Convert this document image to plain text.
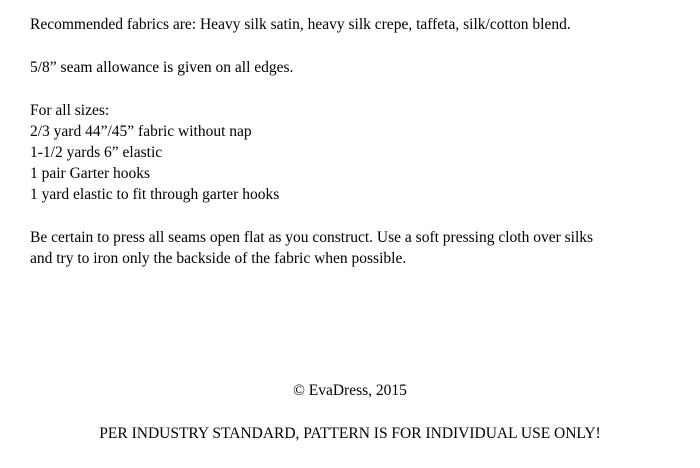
Recommended fabrics are: Heavy silk satin, heavy silk crepe, taffeta, silk/cotton blend.

5/8” seam allowance is given on all edges.

For all sizes:
2/3 yard 44”/45” fabric without nap
1-1/2 yards 6” elastic
1 pair Garter hooks
1 yard elastic to fit through garter hooks

Be certain to press all seams open flat as you construct. Use a soft pressing cloth over silks
and try to iron only the backside of the fabric when possible.

© EvaDress, 2015
PER INDUSTRY STANDARD, PATTERN IS FOR INDIVIDUAL USE ONLY!
